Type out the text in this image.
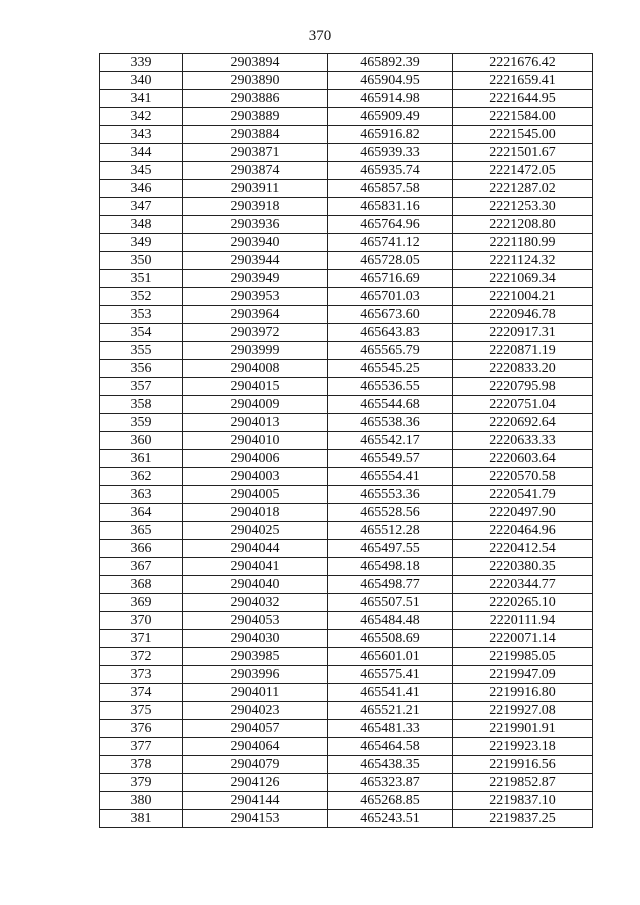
370
339	2903894	465892.39	2221676.42
340	2903890	465904.95	2221659.41
341	2903886	465914.98	2221644.95
342	2903889	465909.49	2221584.00
343	2903884	465916.82	2221545.00
344	2903871	465939.33	2221501.67
345	2903874	465935.74	2221472.05
346	2903911	465857.58	2221287.02
347	2903918	465831.16	2221253.30
348	2903936	465764.96	2221208.80
349	2903940	465741.12	2221180.99
350	2903944	465728.05	2221124.32
351	2903949	465716.69	2221069.34
352	2903953	465701.03	2221004.21
353	2903964	465673.60	2220946.78
354	2903972	465643.83	2220917.31
355	2903999	465565.79	2220871.19
356	2904008	465545.25	2220833.20
357	2904015	465536.55	2220795.98
358	2904009	465544.68	2220751.04
359	2904013	465538.36	2220692.64
360	2904010	465542.17	2220633.33
361	2904006	465549.57	2220603.64
362	2904003	465554.41	2220570.58
363	2904005	465553.36	2220541.79
364	2904018	465528.56	2220497.90
365	2904025	465512.28	2220464.96
366	2904044	465497.55	2220412.54
367	2904041	465498.18	2220380.35
368	2904040	465498.77	2220344.77
369	2904032	465507.51	2220265.10
370	2904053	465484.48	2220111.94
371	2904030	465508.69	2220071.14
372	2903985	465601.01	2219985.05
373	2903996	465575.41	2219947.09
374	2904011	465541.41	2219916.80
375	2904023	465521.21	2219927.08
376	2904057	465481.33	2219901.91
377	2904064	465464.58	2219923.18
378	2904079	465438.35	2219916.56
379	2904126	465323.87	2219852.87
380	2904144	465268.85	2219837.10
381	2904153	465243.51	2219837.25
